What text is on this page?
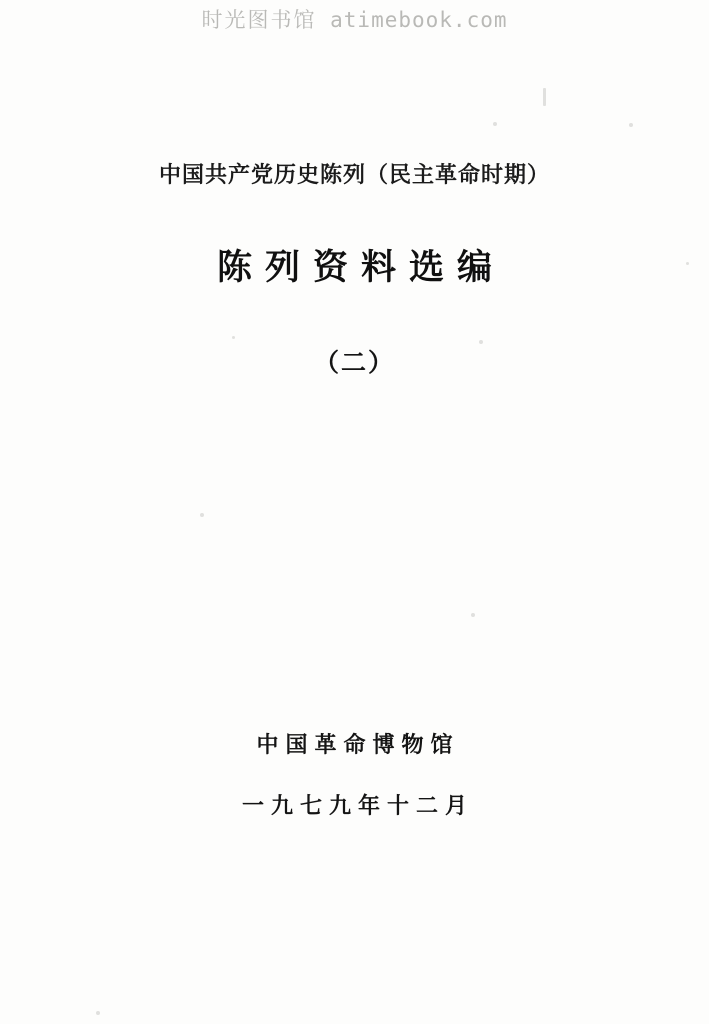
时光图书馆 atimebook.com
中国共产党历史陈列（民主革命时期）
陈列资料选编
（二）
中国革命博物馆
一九七九年十二月
